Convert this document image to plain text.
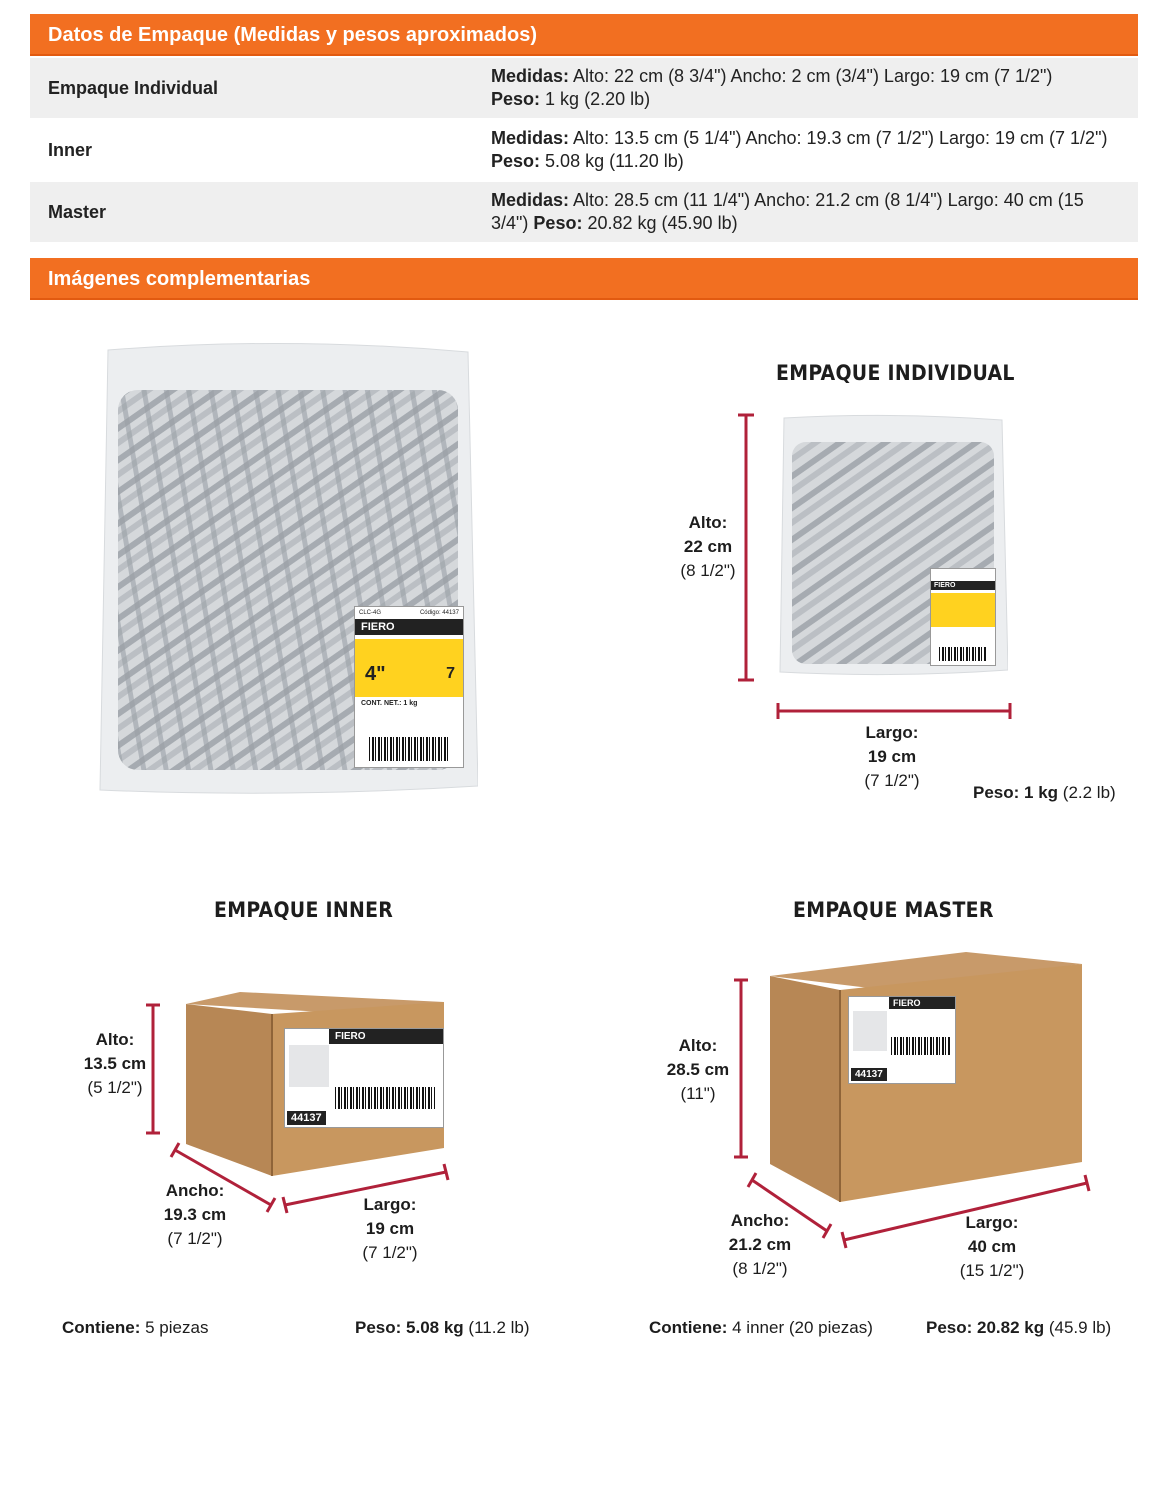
Datos de Empaque (Medidas y pesos aproximados)
Empaque Individual
Medidas: Alto: 22 cm (8 3/4") Ancho: 2 cm (3/4") Largo: 19 cm (7 1/2")
Peso: 1 kg (2.20 lb)
Inner
Medidas: Alto: 13.5 cm (5 1/4") Ancho: 19.3 cm (7 1/2") Largo: 19 cm (7 1/2") Peso: 5.08 kg (11.20 lb)
Master
Medidas: Alto: 28.5 cm (11 1/4") Ancho: 21.2 cm (8 1/4") Largo: 40 cm (15 3/4") Peso: 20.82 kg (45.90 lb)
Imágenes complementarias
CLC-4G	Código: 44137
FIERO
4"	7
CONT. NET.: 1 kg
EMPAQUE INDIVIDUAL
FIERO
Alto:
22 cm
(8 1/2")
Largo:
19 cm
(7 1/2")
Peso: 1 kg (2.2 lb)
EMPAQUE INNER
FIERO
44137
Alto:
13.5 cm
(5 1/2")
Ancho:
19.3 cm
(7 1/2")
Largo:
19 cm
(7 1/2")
Contiene: 5 piezas	Peso: 5.08 kg (11.2 lb)
EMPAQUE MASTER
FIERO
44137
Alto:
28.5 cm
(11")
Ancho:
21.2 cm
(8 1/2")
Largo:
40 cm
(15 1/2")
Contiene: 4 inner (20 piezas)	Peso: 20.82 kg (45.9 lb)
